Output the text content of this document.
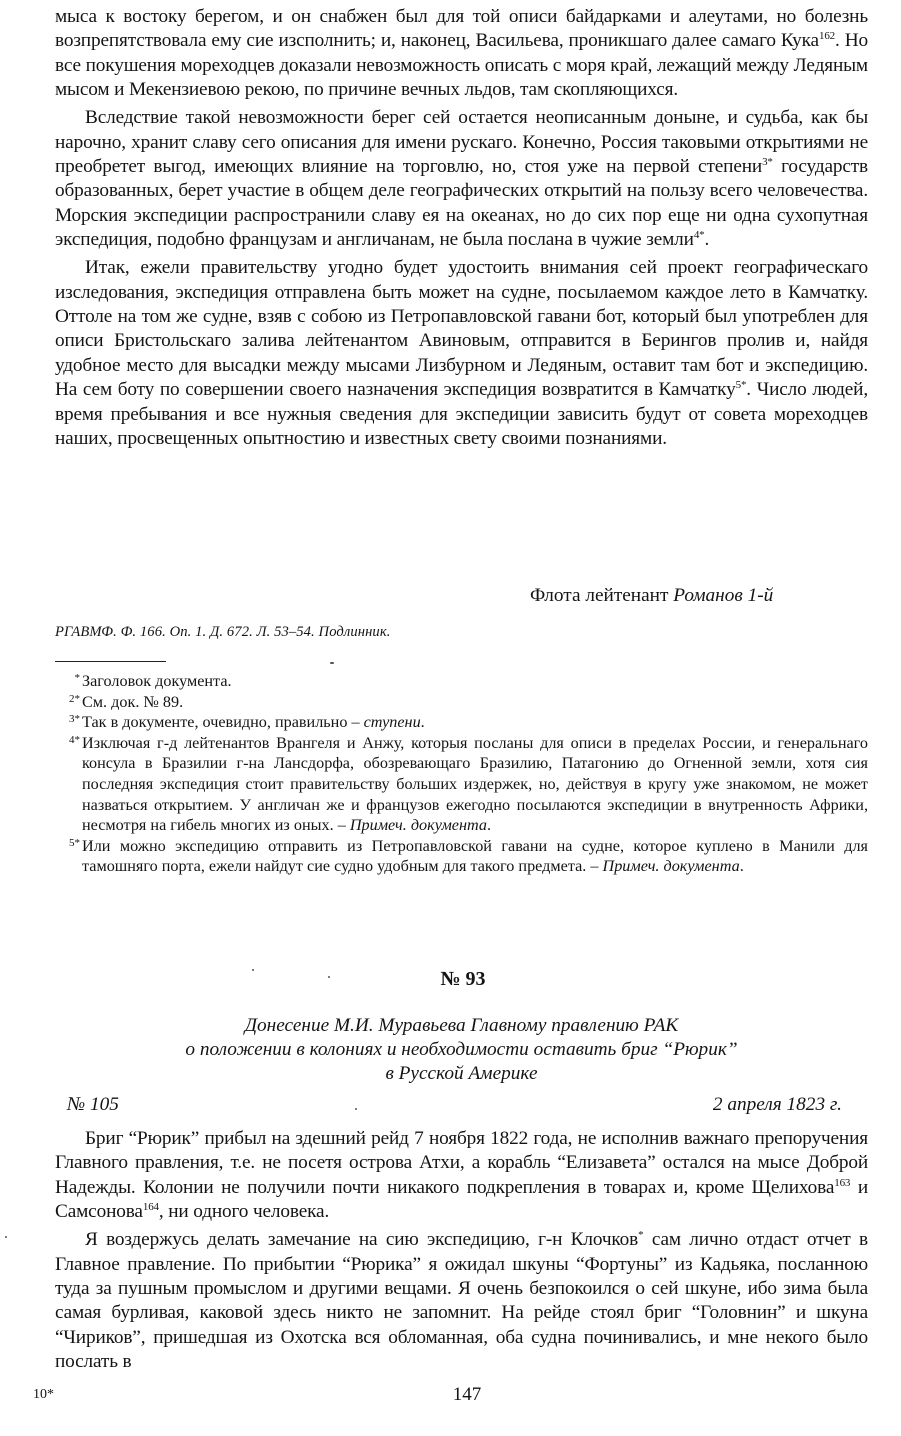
мыса к востоку берегом, и он снабжен был для той описи байдарками и алеутами, но болезнь возпрепятствовала ему сие изсполнить; и, наконец, Васильева, проникшаго далее самаго Кука$^{162}$. Но все покушения мореходцев доказали невозможность описать с моря край, лежащий между Ледяным мысом и Мекензиевою рекою, по причине вечных льдов, там скопляющихся.

Вследствие такой невозможности берег сей остается неописанным доныне, и судьба, как бы нарочно, хранит славу сего описания для имени рускаго. Конечно, Россия таковыми открытиями не преобретет выгод, имеющих влияние на торговлю, но, стоя уже на первой степени$^{3*}$ государств образованных, берет участие в общем деле географических открытий на пользу всего человечества. Морския экспедиции распространили славу ея на океанах, но до сих пор еще ни одна сухопутная экспедиция, подобно французам и англичанам, не была послана в чужие земли$^{4*}$.

Итак, ежели правительству угодно будет удостоить внимания сей проект географическаго изследования, экспедиция отправлена быть может на судне, посылаемом каждое лето в Камчатку. Оттоле на том же судне, взяв с собою из Петропавловской гавани бот, который был употреблен для описи Бристольскаго залива лейтенантом Авиновым, отправится в Берингов пролив и, найдя удобное место для высадки между мысами Лизбурном и Ледяным, оставит там бот и экспедицию. На сем боту по совершении своего назначения экспедиция возвратится в Камчатку$^{5*}$. Число людей, время пребывания и все нужныя сведения для экспедиции зависить будут от совета мореходцев наших, просвещенных опытностию и известных свету своими познаниями.

Флота лейтенант Романов 1-й
РГАВМФ. Ф. 166. Оп. 1. Д. 672. Л. 53–54. Подлинник.

* Заголовок документа.

2* См. док. № 89.

3* Так в документе, очевидно, правильно – ступени.

4* Изключая г-д лейтенантов Врангеля и Анжу, которыя посланы для описи в пределах России, и генеральнаго консула в Бразилии г-на Лансдорфа, обозревающаго Бразилию, Патагонию до Огненной земли, хотя сия последняя экспедиция стоит правительству больших издержек, но, действуя в кругу уже знакомом, не может назваться открытием. У англичан же и французов ежегодно посылаются экспедиции в внутренность Африки, несмотря на гибель многих из оных. – Примеч. документа.

5* Или можно экспедицию отправить из Петропавловской гавани на судне, которое куплено в Манили для тамошняго порта, ежели найдут сие судно удобным для такого предмета. – Примеч. документа.

№ 93
Донесение М.И. Муравьева Главному правлению РАК
о положении в колониях и необходимости оставить бриг “Рюрик”
в Русской Америке
№ 105	2 апреля 1823 г.

Бриг “Рюрик” прибыл на здешний рейд 7 ноября 1822 года, не исполнив важнаго препоручения Главного правления, т.е. не посетя острова Атхи, а корабль “Елизавета” остался на мысе Доброй Надежды. Колонии не получили почти никакого подкрепления в товарах и, кроме Щелихова$^{163}$ и Самсонова$^{164}$, ни одного человека.

Я воздержусь делать замечание на сию экспедицию, г-н Клочков* сам лично отдаст отчет в Главное правление. По прибытии “Рюрика” я ожидал шкуны “Фортуны” из Кадьяка, посланною туда за пушным промыслом и другими вещами. Я очень безпокоился о сей шкуне, ибо зима была самая бурливая, каковой здесь никто не запомнит. На рейде стоял бриг “Головнин” и шкуна “Чириков”, пришедшая из Охотска вся обломанная, оба судна починивались, и мне некого было послать в

10*	147
